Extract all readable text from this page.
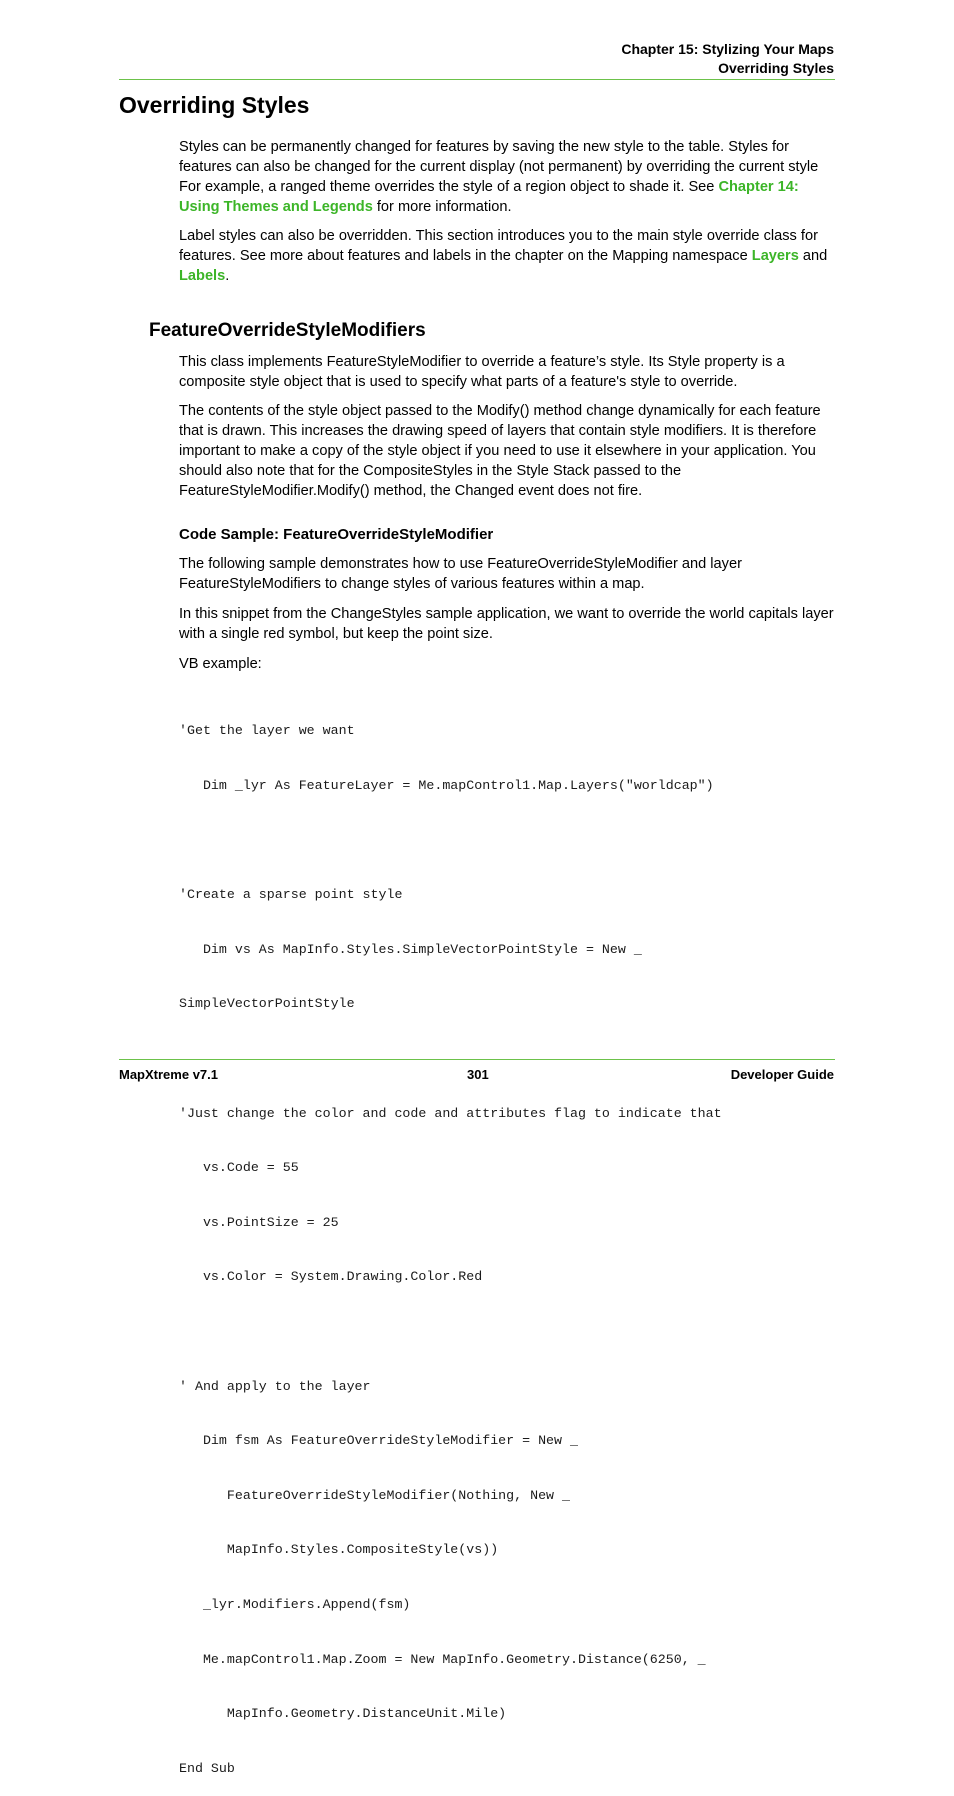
Chapter 15: Stylizing Your Maps
Overriding Styles
Overriding Styles

Styles can be permanently changed for features by saving the new style to the table. Styles for features can also be changed for the current display (not permanent) by overriding the current style For example, a ranged theme overrides the style of a region object to shade it. See Chapter 14: Using Themes and Legends for more information.

Label styles can also be overridden. This section introduces you to the main style override class for features. See more about features and labels in the chapter on the Mapping namespace Layers and Labels.

FeatureOverrideStyleModifiers

This class implements FeatureStyleModifier to override a feature’s style. Its Style property is a composite style object that is used to specify what parts of a feature's style to override.

The contents of the style object passed to the Modify() method change dynamically for each feature that is drawn. This increases the drawing speed of layers that contain style modifiers. It is therefore important to make a copy of the style object if you need to use it elsewhere in your application. You should also note that for the CompositeStyles in the Style Stack passed to the FeatureStyleModifier.Modify() method, the Changed event does not fire.

Code Sample: FeatureOverrideStyleModifier

The following sample demonstrates how to use FeatureOverrideStyleModifier and layer FeatureStyleModifiers to change styles of various features within a map.

In this snippet from the ChangeStyles sample application, we want to override the world capitals layer with a single red symbol, but keep the point size.

VB example:

'Get the layer we want

Dim _lyr As FeatureLayer = Me.mapControl1.Map.Layers("worldcap")

'Create a sparse point style

Dim vs As MapInfo.Styles.SimpleVectorPointStyle = New _

SimpleVectorPointStyle

'Just change the color and code and attributes flag to indicate that

vs.Code = 55

vs.PointSize = 25

vs.Color = System.Drawing.Color.Red

' And apply to the layer

Dim fsm As FeatureOverrideStyleModifier = New _

FeatureOverrideStyleModifier(Nothing, New _

MapInfo.Styles.CompositeStyle(vs))

_lyr.Modifiers.Append(fsm)

Me.mapControl1.Map.Zoom = New MapInfo.Geometry.Distance(6250, _

MapInfo.Geometry.DistanceUnit.Mile)

End Sub

MapXtreme v7.1	301	Developer Guide
